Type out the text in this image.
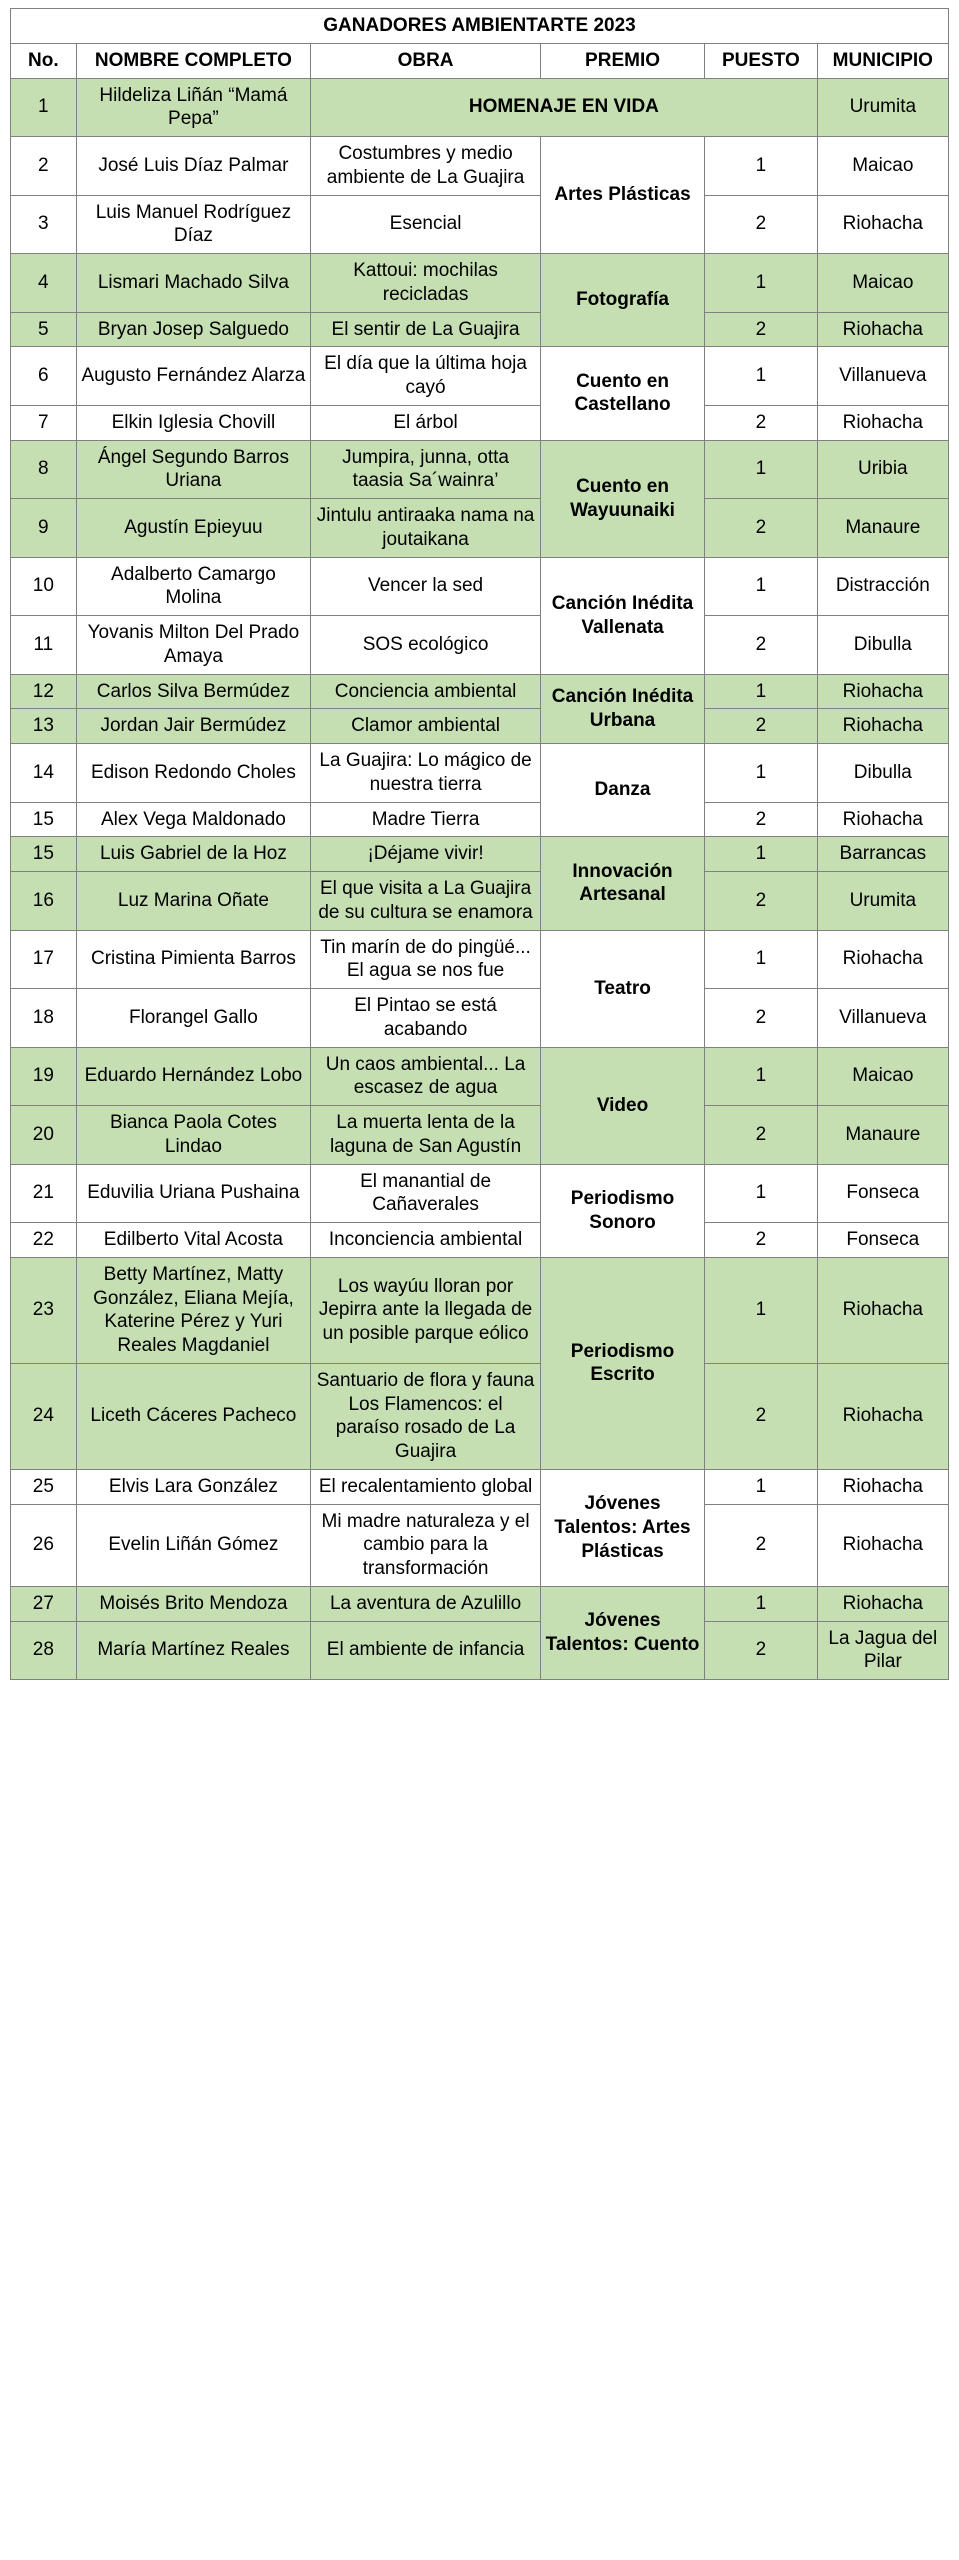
GANADORES AMBIENTARTE 2023					
No.	NOMBRE COMPLETO	OBRA	PREMIO	PUESTO	MUNICIPIO
1	Hildeliza Liñán “Mamá Pepa”	HOMENAJE EN VIDA			Urumita
2	José Luis Díaz Palmar	Costumbres y medio ambiente de La Guajira	Artes Plásticas	1	Maicao
3	Luis Manuel Rodríguez Díaz	Esencial		2	Riohacha
4	Lismari Machado Silva	Kattoui: mochilas recicladas	Fotografía	1	Maicao
5	Bryan Josep Salguedo	El sentir de La Guajira		2	Riohacha
6	Augusto Fernández Alarza	El día que la última hoja cayó	Cuento en Castellano	1	Villanueva
7	Elkin Iglesia Chovill	El árbol		2	Riohacha
8	Ángel Segundo Barros Uriana	Jumpira, junna, otta taasia Sa´wainra’	Cuento en Wayuunaiki	1	Uribia
9	Agustín Epieyuu	Jintulu antiraaka nama na joutaikana		2	Manaure
10	Adalberto Camargo Molina	Vencer la sed	Canción Inédita Vallenata	1	Distracción
11	Yovanis Milton Del Prado Amaya	SOS ecológico		2	Dibulla
12	Carlos Silva Bermúdez	Conciencia ambiental	Canción Inédita Urbana	1	Riohacha
13	Jordan Jair Bermúdez	Clamor ambiental		2	Riohacha
14	Edison Redondo Choles	La Guajira: Lo mágico de nuestra tierra	Danza	1	Dibulla
15	Alex Vega Maldonado	Madre Tierra		2	Riohacha
15	Luis Gabriel de la Hoz	¡Déjame vivir!	Innovación Artesanal	1	Barrancas
16	Luz Marina Oñate	El que visita a La Guajira de su cultura se enamora		2	Urumita
17	Cristina Pimienta Barros	Tin marín de do pingüé... El agua se nos fue	Teatro	1	Riohacha
18	Florangel Gallo	El Pintao se está acabando		2	Villanueva
19	Eduardo Hernández Lobo	Un caos ambiental... La escasez de agua	Video	1	Maicao
20	Bianca Paola Cotes Lindao	La muerta lenta de la laguna de San Agustín		2	Manaure
21	Eduvilia Uriana Pushaina	El manantial de Cañaverales	Periodismo Sonoro	1	Fonseca
22	Edilberto Vital Acosta	Inconciencia ambiental		2	Fonseca
23	Betty Martínez, Matty González, Eliana Mejía, Katerine Pérez y Yuri Reales Magdaniel	Los wayúu lloran por Jepirra ante la llegada de un posible parque eólico	Periodismo Escrito	1	Riohacha
24	Liceth Cáceres Pacheco	Santuario de flora y fauna Los Flamencos: el paraíso rosado de La Guajira		2	Riohacha
25	Elvis Lara González	El recalentamiento global	Jóvenes Talentos: Artes Plásticas	1	Riohacha
26	Evelin Liñán Gómez	Mi madre naturaleza y el cambio para la transformación		2	Riohacha
27	Moisés Brito Mendoza	La aventura de Azulillo	Jóvenes Talentos: Cuento	1	Riohacha
28	María Martínez Reales	El ambiente de infancia		2	La Jagua del Pilar
